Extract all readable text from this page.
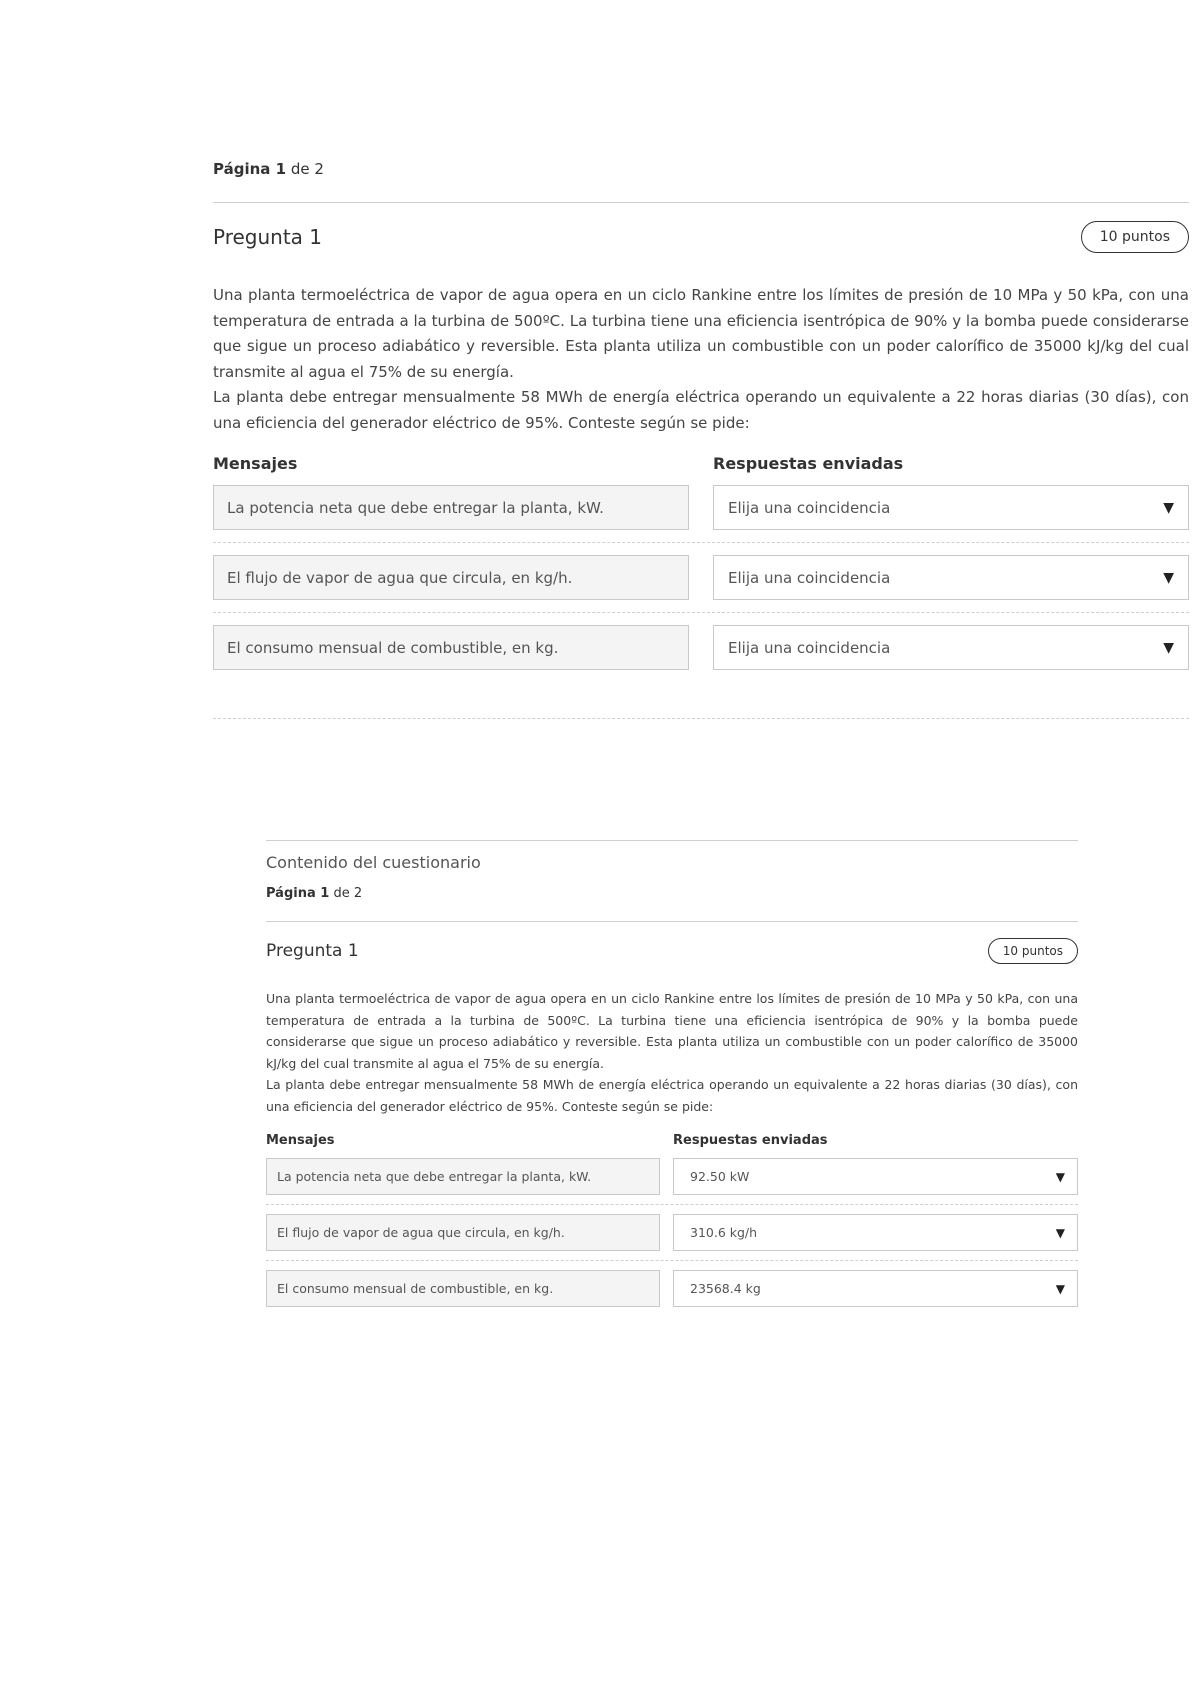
Página 1 de 2
Pregunta 1	10 puntos

Una planta termoeléctrica de vapor de agua opera en un ciclo Rankine entre los límites de presión de 10 MPa y 50 kPa, con una temperatura de entrada a la turbina de 500ºC. La turbina tiene una eficiencia isentrópica de 90% y la bomba puede considerarse que sigue un proceso adiabático y reversible. Esta planta utiliza un combustible con un poder calorífico de 35000 kJ/kg del cual transmite al agua el 75% de su energía.

La planta debe entregar mensualmente 58 MWh de energía eléctrica operando un equivalente a 22 horas diarias (30 días), con una eficiencia del generador eléctrico de 95%. Conteste según se pide:

Mensajes	Respuestas enviadas
La potencia neta que debe entregar la planta, kW.	Elija una coincidencia	▼
El flujo de vapor de agua que circula, en kg/h.	Elija una coincidencia	▼
El consumo mensual de combustible, en kg.	Elija una coincidencia	▼
Contenido del cuestionario
Página 1 de 2
Pregunta 1	10 puntos

Una planta termoeléctrica de vapor de agua opera en un ciclo Rankine entre los límites de presión de 10 MPa y 50 kPa, con una temperatura de entrada a la turbina de 500ºC. La turbina tiene una eficiencia isentrópica de 90% y la bomba puede considerarse que sigue un proceso adiabático y reversible. Esta planta utiliza un combustible con un poder calorífico de 35000 kJ/kg del cual transmite al agua el 75% de su energía.

La planta debe entregar mensualmente 58 MWh de energía eléctrica operando un equivalente a 22 horas diarias (30 días), con una eficiencia del generador eléctrico de 95%. Conteste según se pide:

Mensajes	Respuestas enviadas
La potencia neta que debe entregar la planta, kW.	92.50 kW	▼
El flujo de vapor de agua que circula, en kg/h.	310.6 kg/h	▼
El consumo mensual de combustible, en kg.	23568.4 kg	▼
